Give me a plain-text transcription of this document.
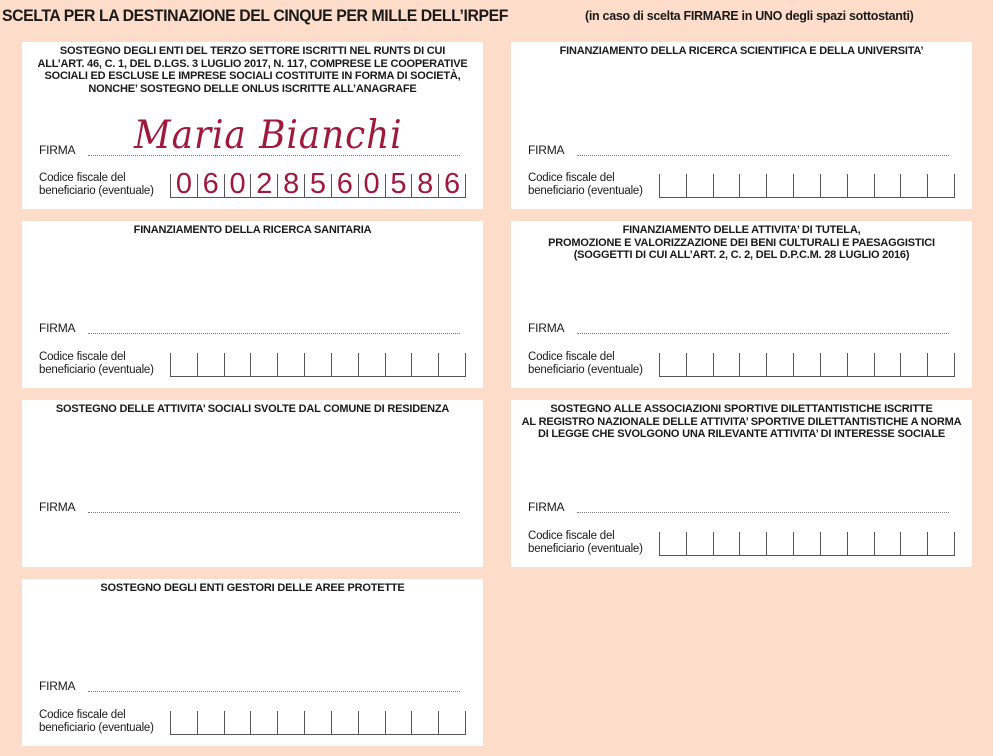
SCELTA PER LA DESTINAZIONE DEL CINQUE PER MILLE DELL’IRPEF	(in caso di scelta FIRMARE in UNO degli spazi sottostanti)
SOSTEGNO DEGLI ENTI DEL TERZO SETTORE ISCRITTI NEL RUNTS DI CUI
ALL’ART. 46, C. 1, DEL D.LGS. 3 LUGLIO 2017, N. 117, COMPRESE LE COOPERATIVE
SOCIALI ED ESCLUSE LE IMPRESE SOCIALI COSTITUITE IN FORMA DI SOCIETÀ,
NONCHE’ SOSTEGNO DELLE ONLUS ISCRITTE ALL’ANAGRAFE
Maria Bianchi
FIRMA
Codice fiscale del
beneficiario (eventuale) 0 6 0 2 8 5 6 0 5 8 6
FINANZIAMENTO DELLA RICERCA SCIENTIFICA E DELLA UNIVERSITA’
FIRMA
Codice fiscale del
beneficiario (eventuale)
FINANZIAMENTO DELLA RICERCA SANITARIA
FIRMA
Codice fiscale del
beneficiario (eventuale)
FINANZIAMENTO DELLE ATTIVITA’ DI TUTELA,
PROMOZIONE E VALORIZZAZIONE DEI BENI CULTURALI E PAESAGGISTICI
(SOGGETTI DI CUI ALL’ART. 2, C. 2, DEL D.P.C.M. 28 LUGLIO 2016)
FIRMA
Codice fiscale del
beneficiario (eventuale)
SOSTEGNO DELLE ATTIVITA’ SOCIALI SVOLTE DAL COMUNE DI RESIDENZA
FIRMA
SOSTEGNO ALLE ASSOCIAZIONI SPORTIVE DILETTANTISTICHE ISCRITTE
AL REGISTRO NAZIONALE DELLE ATTIVITA’ SPORTIVE DILETTANTISTICHE A NORMA
DI LEGGE CHE SVOLGONO UNA RILEVANTE ATTIVITA’ DI INTERESSE SOCIALE
FIRMA
Codice fiscale del
beneficiario (eventuale)
SOSTEGNO DEGLI ENTI GESTORI DELLE AREE PROTETTE
FIRMA
Codice fiscale del
beneficiario (eventuale)
